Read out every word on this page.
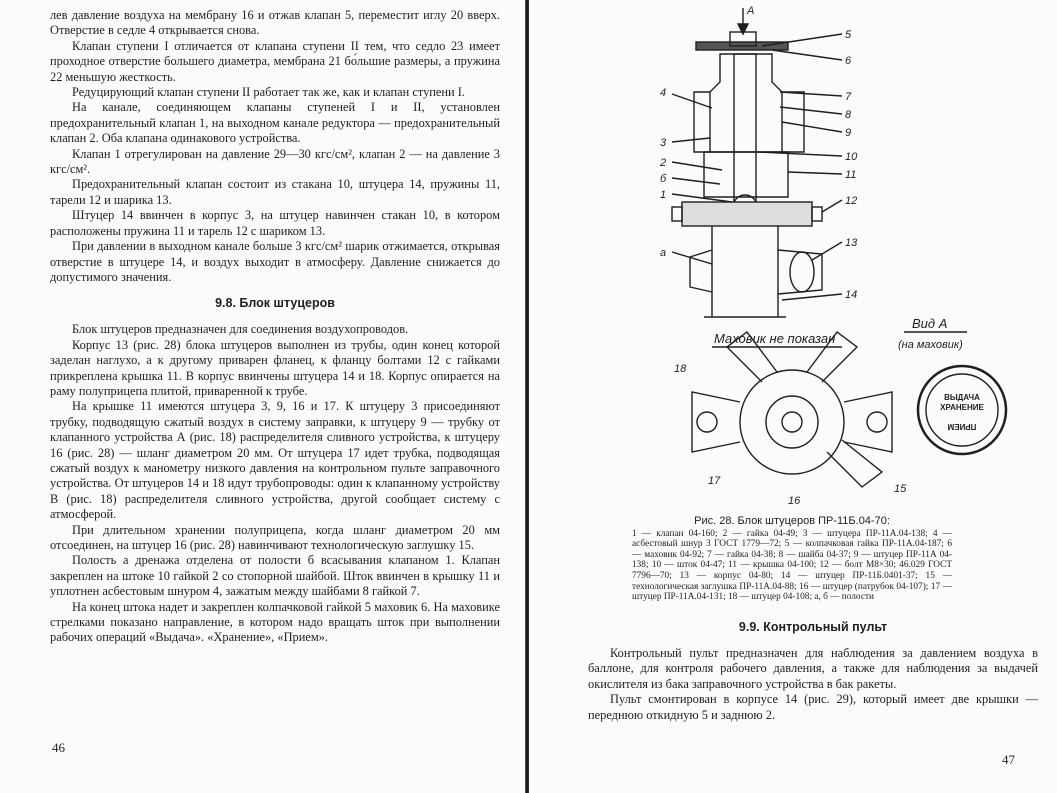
лев давление воздуха на мембрану 16 и отжав клапан 5, переместит иглу 20 вверх. Отверстие в седле 4 открывается снова.

Клапан ступени I отличается от клапана ступени II тем, что седло 23 имеет проходное отверстие большего диаметра, мембрана 21 бо́льшие размеры, а пружина 22 меньшую жесткость.

Редуцирующий клапан ступени II работает так же, как и клапан ступени I.

На канале, соединяющем клапаны ступеней I и II, установлен предохранительный клапан 1, на выходном канале редуктора — предохранительный клапан 2. Оба клапана одинакового устройства.

Клапан 1 отрегулирован на давление 29—30 кгс/см², клапан 2 — на давление 3 кгс/см².

Предохранительный клапан состоит из стакана 10, штуцера 14, пружины 11, тарели 12 и шарика 13.

Штуцер 14 ввинчен в корпус 3, на штуцер навинчен стакан 10, в котором расположены пружина 11 и тарель 12 с шариком 13.

При давлении в выходном канале больше 3 кгс/см² шарик отжимается, открывая отверстие в штуцере 14, и воздух выходит в атмосферу. Давление снижается до допустимого значения.

9.8. Блок штуцеров

Блок штуцеров предназначен для соединения воздухопроводов.

Корпус 13 (рис. 28) блока штуцеров выполнен из трубы, один конец которой заделан наглухо, а к другому приварен фланец, к фланцу болтами 12 с гайками прикреплена крышка 11. В корпус ввинчены штуцера 14 и 18. Корпус опирается на раму полуприцепа плитой, приваренной к трубе.

На крышке 11 имеются штуцера 3, 9, 16 и 17. К штуцеру 3 присоединяют трубку, подводящую сжатый воздух в систему заправки, к штуцеру 9 — трубку от клапанного устройства А (рис. 18) распределителя сливного устройства, к штуцеру 16 (рис. 28) — шланг диаметром 20 мм. От штуцера 17 идет трубка, подводящая сжатый воздух к манометру низкого давления на контрольном пульте заправочного устройства. От штуцеров 14 и 18 идут трубопроводы: один к клапанному устройству В (рис. 18) распределителя сливного устройства, другой сообщает систему с атмосферой.

При длительном хранении полуприцепа, когда шланг диаметром 20 мм отсоединен, на штуцер 16 (рис. 28) навинчивают технологическую заглушку 15.

Полость а дренажа отделена от полости б всасывания клапаном 1. Клапан закреплен на штоке 10 гайкой 2 со стопорной шайбой. Шток ввинчен в крышку 11 и уплотнен асбестовым шнуром 4, зажатым между шайбами 8 гайкой 7.

На конец штока надет и закреплен колпачковой гайкой 5 маховик 6. На маховике стрелками показано направление, в котором надо вращать шток при выполнении рабочих операций «Выдача». «Хранение», «Прием».

46
А
5
6
7
8
9
10
11
12
13
14
4
3
2
б
1
а
18
17
16
15
Маховик не показан
Вид А
(на маховик)
ВЫДАЧА
ХРАНЕНИЕ
ПРИЕМ
Рис. 28. Блок штуцеров ПР-11Б.04-70:
1 — клапан 04-160; 2 — гайка 04-49; 3 — штуцера ПР-11А.04-138; 4 — асбестовый шнур 3 ГОСТ 1779—72; 5 — колпачковая гайка ПР-11А.04-187; 6 — маховик 04-92; 7 — гайка 04-38; 8 — шайба 04-37; 9 — штуцер ПР-11А 04-138; 10 — шток 04-47; 11 — крышка 04-100; 12 — болт М8×30; 46.029 ГОСТ 7796—70; 13 — корпус 04-80; 14 — штуцер ПР-11Б.0401-37; 15 — технологическая заглушка ПР-11А.04-88; 16 — штуцер (патрубок 04-107); 17 — штуцер ПР-11А.04-131; 18 — штуцер 04-108; а, б — полости
9.9. Контрольный пульт

Контрольный пульт предназначен для наблюдения за давлением воздуха в баллоне, для контроля рабочего давления, а также для наблюдения за выдачей окислителя из бака заправочного устройства в бак ракеты.

Пульт смонтирован в корпусе 14 (рис. 29), который имеет две крышки — переднюю откидную 5 и заднюю 2.

47
